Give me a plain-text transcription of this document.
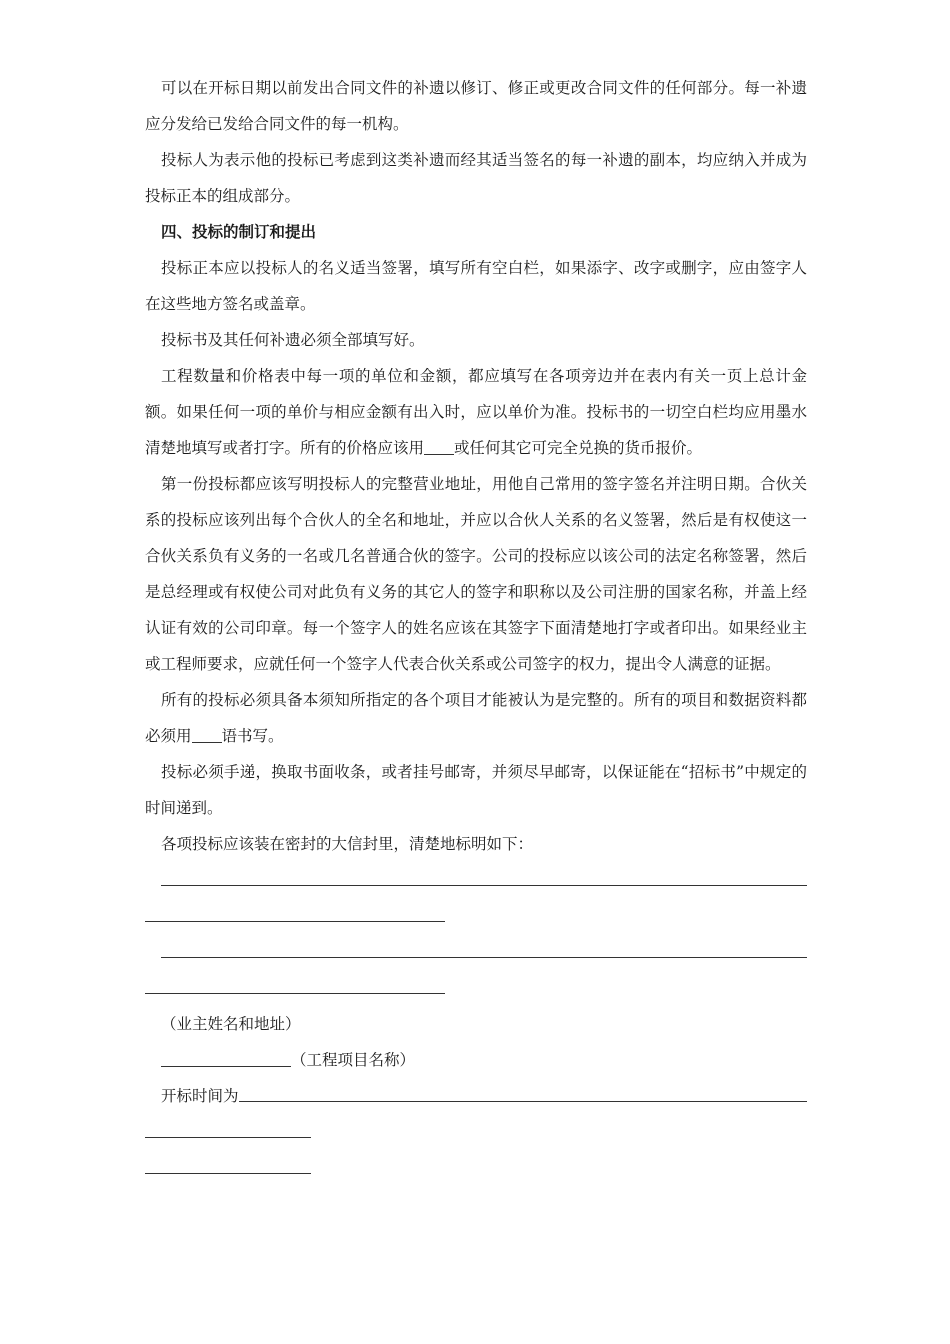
可以在开标日期以前发出合同文件的补遗以修订、修正或更改合同文件的任何部分。每一补遗应分发给已发给合同文件的每一机构。

投标人为表示他的投标已考虑到这类补遗而经其适当签名的每一补遗的副本，均应纳入并成为投标正本的组成部分。

四、投标的制订和提出

投标正本应以投标人的名义适当签署，填写所有空白栏，如果添字、改字或删字，应由签字人在这些地方签名或盖章。

投标书及其任何补遗必须全部填写好。

工程数量和价格表中每一项的单位和金额，都应填写在各项旁边并在表内有关一页上总计金额。如果任何一项的单价与相应金额有出入时，应以单价为准。投标书的一切空白栏均应用墨水清楚地填写或者打字。所有的价格应该用 或任何其它可完全兑换的货币报价。

第一份投标都应该写明投标人的完整营业地址，用他自己常用的签字签名并注明日期。合伙关系的投标应该列出每个合伙人的全名和地址，并应以合伙人关系的名义签署，然后是有权使这一合伙关系负有义务的一名或几名普通合伙的签字。公司的投标应以该公司的法定名称签署，然后是总经理或有权使公司对此负有义务的其它人的签字和职称以及公司注册的国家名称，并盖上经认证有效的公司印章。每一个签字人的姓名应该在其签字下面清楚地打字或者印出。如果经业主或工程师要求，应就任何一个签字人代表合伙关系或公司签字的权力，提出令人满意的证据。

所有的投标必须具备本须知所指定的各个项目才能被认为是完整的。所有的项目和数据资料都必须用 语书写。

投标必须手递，换取书面收条，或者挂号邮寄，并须尽早邮寄，以保证能在“招标书”中规定的时间递到。

各项投标应该装在密封的大信封里，清楚地标明如下：

（业主姓名和地址）

（工程项目名称）

开标时间为
